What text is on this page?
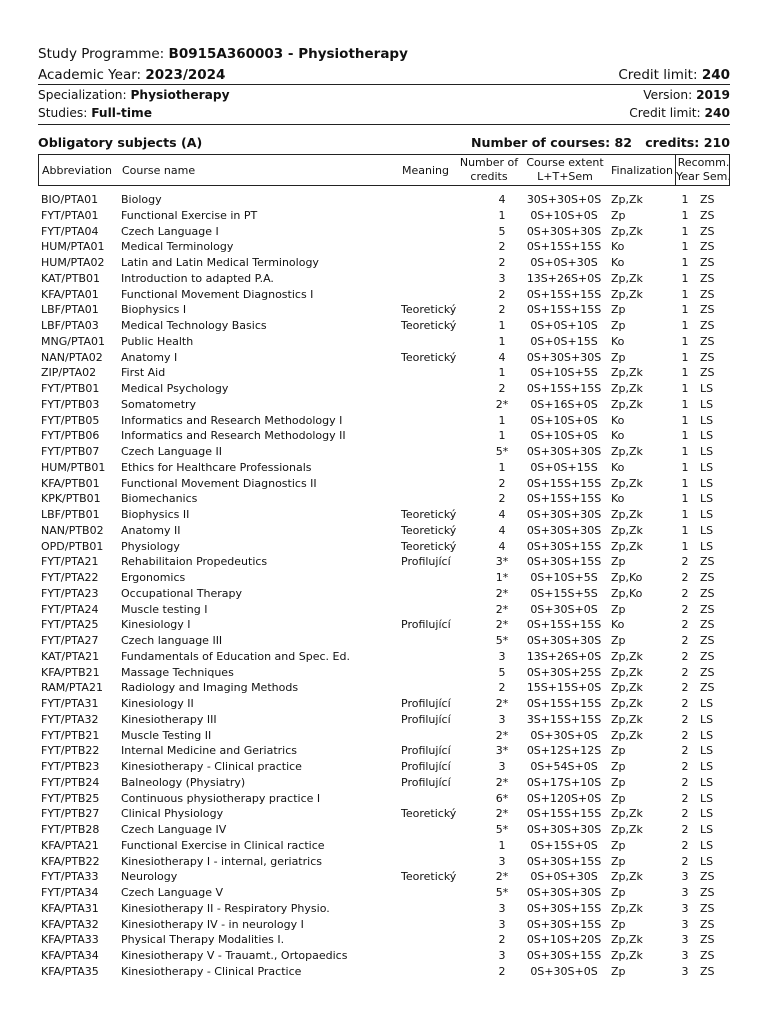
Study Programme: B0915A360003 - Physiotherapy
Academic Year: 2023/2024	Credit limit: 240
Specialization: Physiotherapy	Version: 2019
Studies: Full-time	Credit limit: 240
Obligatory subjects (A)	Number of courses: 82   credits: 210
Abbreviation Course name	Meaning
Number of
credits
Course extent
L+T+Sem Finalization
Recomm.
Year Sem.
BIO/PTA01 Biology	4	30S+30S+0S Zp,Zk	1	ZS
FYT/PTA01 Functional Exercise in PT	1	0S+10S+0S	Zp	1	ZS
FYT/PTA04 Czech Language I	5	0S+30S+30S Zp,Zk	1	ZS
HUM/PTA01 Medical Terminology	2	0S+15S+15S Ko	1	ZS
HUM/PTA02 Latin and Latin Medical Terminology	2	0S+0S+30S	Ko	1	ZS
KAT/PTB01 Introduction to adapted P.A.	3	13S+26S+0S Zp,Zk	1	ZS
KFA/PTA01 Functional Movement Diagnostics I	2	0S+15S+15S Zp,Zk	1	ZS
LBF/PTA01 Biophysics I	Teoretický	2	0S+15S+15S Zp	1	ZS
LBF/PTA03 Medical Technology Basics	Teoretický	1	0S+0S+10S	Zp	1	ZS
MNG/PTA01 Public Health	1	0S+0S+15S	Ko	1	ZS
NAN/PTA02 Anatomy I	Teoretický	4	0S+30S+30S Zp	1	ZS
ZIP/PTA02 First Aid	1	0S+10S+5S	Zp,Zk	1	ZS
FYT/PTB01 Medical Psychology	2	0S+15S+15S Zp,Zk	1	LS
FYT/PTB03 Somatometry	2*	0S+16S+0S	Zp,Zk	1	LS
FYT/PTB05 Informatics and Research Methodology I	1	0S+10S+0S	Ko	1	LS
FYT/PTB06 Informatics and Research Methodology II	1	0S+10S+0S	Ko	1	LS
FYT/PTB07 Czech Language II	5*	0S+30S+30S Zp,Zk	1	LS
HUM/PTB01 Ethics for Healthcare Professionals	1	0S+0S+15S	Ko	1	LS
KFA/PTB01 Functional Movement Diagnostics II	2	0S+15S+15S Zp,Zk	1	LS
KPK/PTB01 Biomechanics	2	0S+15S+15S Ko	1	LS
LBF/PTB01 Biophysics II	Teoretický	4	0S+30S+30S Zp,Zk	1	LS
NAN/PTB02 Anatomy II	Teoretický	4	0S+30S+30S Zp,Zk	1	LS
OPD/PTB01 Physiology	Teoretický	4	0S+30S+15S Zp,Zk	1	LS
FYT/PTA21 Rehabilitaion Propedeutics	Profilující	3*	0S+30S+15S Zp	2	ZS
FYT/PTA22 Ergonomics	1*	0S+10S+5S	Zp,Ko	2	ZS
FYT/PTA23 Occupational Therapy	2*	0S+15S+5S	Zp,Ko	2	ZS
FYT/PTA24 Muscle testing I	2*	0S+30S+0S	Zp	2	ZS
FYT/PTA25 Kinesiology I	Profilující	2*	0S+15S+15S Ko	2	ZS
FYT/PTA27 Czech language III	5*	0S+30S+30S Zp	2	ZS
KAT/PTA21 Fundamentals of Education and Spec. Ed.	3	13S+26S+0S Zp,Zk	2	ZS
KFA/PTB21 Massage Techniques	5	0S+30S+25S Zp,Zk	2	ZS
RAM/PTA21 Radiology and Imaging Methods	2	15S+15S+0S Zp,Zk	2	ZS
FYT/PTA31 Kinesiology II	Profilující	2*	0S+15S+15S Zp,Zk	2	LS
FYT/PTA32 Kinesiotherapy III	Profilující	3	3S+15S+15S Zp,Zk	2	LS
FYT/PTB21 Muscle Testing II	2*	0S+30S+0S	Zp,Zk	2	LS
FYT/PTB22 Internal Medicine and Geriatrics	Profilující	3*	0S+12S+12S Zp	2	LS
FYT/PTB23 Kinesiotherapy - Clinical practice	Profilující	3	0S+54S+0S	Zp	2	LS
FYT/PTB24 Balneology (Physiatry)	Profilující	2*	0S+17S+10S Zp	2	LS
FYT/PTB25 Continuous physiotherapy practice I	6*	0S+120S+0S Zp	2	LS
FYT/PTB27 Clinical Physiology	Teoretický	2*	0S+15S+15S Zp,Zk	2	LS
FYT/PTB28 Czech Language IV	5*	0S+30S+30S Zp,Zk	2	LS
KFA/PTA21 Functional Exercise in Clinical ractice	1	0S+15S+0S	Zp	2	LS
KFA/PTB22 Kinesiotherapy I - internal, geriatrics	3	0S+30S+15S Zp	2	LS
FYT/PTA33 Neurology	Teoretický	2*	0S+0S+30S	Zp,Zk	3	ZS
FYT/PTA34 Czech Language V	5*	0S+30S+30S Zp	3	ZS
KFA/PTA31 Kinesiotherapy II - Respiratory Physio.	3	0S+30S+15S Zp,Zk	3	ZS
KFA/PTA32 Kinesiotherapy IV - in neurology I	3	0S+30S+15S Zp	3	ZS
KFA/PTA33 Physical Therapy Modalities I.	2	0S+10S+20S Zp,Zk	3	ZS
KFA/PTA34 Kinesiotherapy V - Trauamt., Ortopaedics	3	0S+30S+15S Zp,Zk	3	ZS
KFA/PTA35 Kinesiotherapy - Clinical Practice	2	0S+30S+0S	Zp	3	ZS
